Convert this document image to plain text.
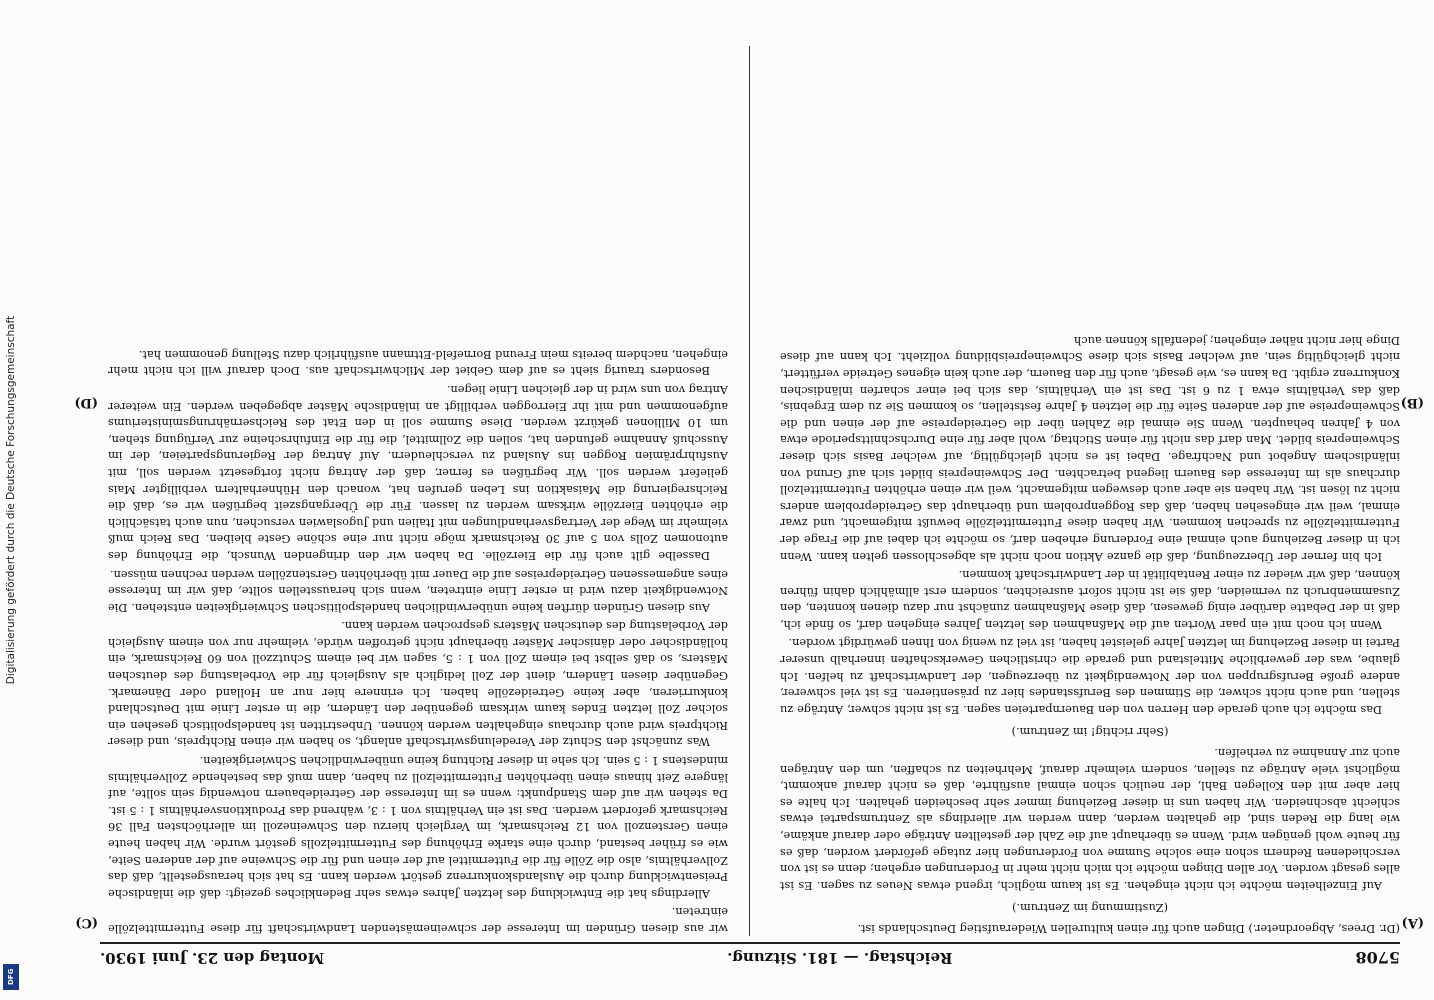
Digitalisierung gefördert durch die Deutsche Forschungsgemeinschaft
DFG
5708
Reichstag. — 181. Sitzung.
Montag den 23. Juni 1930.
(A)
(B)
(C)
(D)

(Dr. Drees, Abgeordneter.) Dingen auch für einen kulturellen Wiederaufstieg Deutschlands ist.

(Zustimmung im Zentrum.)

Auf Einzelheiten möchte ich nicht eingehen. Es ist kaum möglich, irgend etwas Neues zu sagen. Es ist alles gesagt worden. Vor allen Dingen möchte ich mich nicht mehr in Forderungen ergehen; denn es ist von verschiedenen Rednern schon eine solche Summe von Forderungen hier zutage gefördert worden, daß es für heute wohl genügen wird. Wenn es überhaupt auf die Zahl der gestellten Anträge oder darauf ankäme, wie lang die Reden sind, die gehalten werden, dann werden wir allerdings als Zentrumspartei etwas schlecht abschneiden. Wir haben uns in dieser Beziehung immer sehr bescheiden gehalten. Ich halte es hier aber mit den Kollegen Bahl, der neulich schon einmal ausführte, daß es nicht darauf ankommt, möglichst viele Anträge zu stellen, sondern vielmehr darauf, Mehrheiten zu schaffen, um den Anträgen auch zur Annahme zu verhelfen.

(Sehr richtig! im Zentrum.)

Das möchte ich auch gerade den Herren von den Bauernparteien sagen. Es ist nicht schwer, Anträge zu stellen, und auch nicht schwer, die Stimmen des Berufsstandes hier zu präsentieren. Es ist viel schwerer, andere große Berufsgruppen von der Notwendigkeit zu überzeugen, der Landwirtschaft zu helfen. Ich glaube, was der gewerbliche Mittelstand und gerade die christlichen Gewerkschaften innerhalb unserer Partei in dieser Beziehung im letzten Jahre geleistet haben, ist viel zu wenig von Ihnen gewürdigt worden.

Wenn ich noch mit ein paar Worten auf die Maßnahmen des letzten Jahres eingehen darf, so finde ich, daß in der Debatte darüber einig gewesen, daß diese Maßnahmen zunächst nur dazu dienen konnten, den Zusammenbruch zu vermeiden, daß sie ist nicht sofort ausreichten, sondern erst allmählich dahin führen können, daß wir wieder zu einer Rentabilität in der Landwirtschaft kommen.

Ich bin ferner der Überzeugung, daß die ganze Aktion noch nicht als abgeschlossen gelten kann. Wenn ich in dieser Beziehung auch einmal eine Forderung erheben darf, so möchte ich dabei auf die Frage der Futtermittelzölle zu sprechen kommen. Wir haben diese Futtermittelzölle bewußt mitgemacht, und zwar einmal, weil wir eingesehen haben, daß das Roggenproblem und überhaupt das Getreideproblem anders nicht zu lösen ist. Wir haben sie aber auch deswegen mitgemacht, weil wir einen erhöhten Futtermittelzoll durchaus als im Interesse des Bauern liegend betrachten. Der Schweinepreis bildet sich auf Grund von inländischem Angebot und Nachfrage. Dabei ist es nicht gleichgültig, auf welcher Basis sich dieser Schweinepreis bildet. Man darf das nicht für einen Stichtag, wohl aber für eine Durchschnittsperiode etwa von 4 Jahren behaupten. Wenn Sie einmal die Zahlen über die Getreidepreise auf der einen und die Schweinepreise auf der anderen Seite für die letzten 4 Jahre feststellen, so kommen Sie zu dem Ergebnis, daß das Verhältnis etwa 1 zu 6 ist. Das ist ein Verhältnis, das sich bei einer scharfen inländischen Konkurrenz ergibt. Da kann es, wie gesagt, auch für den Bauern, der auch kein eigenes Getreide verfüttert, nicht gleichgültig sein, auf welcher Basis sich diese Schweinepreisbildung vollzieht. Ich kann auf diese Dinge hier nicht näher eingehen; jedenfalls können auch

wir aus diesen Gründen im Interesse der schweinemästenden Landwirtschaft für diese Futtermittelzölle eintreten.

Allerdings hat die Entwicklung des letzten Jahres etwas sehr Bedenkliches gezeigt: daß die inländische Preisentwicklung durch die Auslandskonkurrenz gestört werden kann. Es hat sich herausgestellt, daß das Zollverhältnis, also die Zölle für die Futtermittel auf der einen und für die Schweine auf der anderen Seite, wie es früher bestand, durch eine starke Erhöhung des Futtermittelzolls gestört wurde. Wir haben heute einen Gerstenzoll von 12 Reichsmark, im Vergleich hierzu den Schweinezoll im allerhöchsten Fall 36 Reichsmark gefordert werden. Das ist ein Verhältnis von 1 : 3, während das Produktionsverhältnis 1 : 5 ist. Da stehen wir auf dem Standpunkt: wenn es im Interesse der Getreidebauern notwendig sein sollte, auf längere Zeit hinaus einen überhöhten Futtermittelzoll zu haben, dann muß das bestehende Zollverhältnis mindestens 1 : 5 sein. Ich sehe in dieser Richtung keine unüberwindlichen Schwierigkeiten.

Was zunächst den Schutz der Veredelungswirtschaft anlangt, so haben wir einen Richtpreis, und dieser Richtpreis wird auch durchaus eingehalten werden können. Unbestritten ist handelspolitisch gesehen ein solcher Zoll letzten Endes kaum wirksam gegenüber den Ländern, die in erster Linie mit Deutschland konkurrieren, aber keine Getreidezölle haben. Ich erinnere hier nur an Holland oder Dänemark. Gegenüber diesen Ländern, dient der Zoll lediglich als Ausgleich für die Vorbelastung des deutschen Mästers, so daß selbst bei einem Zoll von 1 : 5, sagen wir bei einem Schutzzoll von 60 Reichsmark, ein holländischer oder dänischer Mäster überhaupt nicht getroffen würde, vielmehr nur von einem Ausgleich der Vorbelastung des deutschen Mästers gesprochen werden kann.

Aus diesen Gründen dürften keine unüberwindlichen handelspolitischen Schwierigkeiten entstehen. Die Notwendigkeit dazu wird in erster Linie eintreten, wenn sich herausstellen sollte, daß wir im Interesse eines angemessenen Getreidepreises auf die Dauer mit überhöhten Gerstenzöllen werden rechnen müssen.

Dasselbe gilt auch für die Eierzölle. Da haben wir den dringenden Wunsch, die Erhöhung des autonomen Zolls von 5 auf 30 Reichsmark möge nicht nur eine schöne Geste bleiben. Das Reich muß vielmehr im Wege der Vertragsverhandlungen mit Italien und Jugoslawien versuchen, nun auch tatsächlich die erhöhten Eierzölle wirksam werden zu lassen. Für die Übergangszeit begrüßen wir es, daß die Reichsregierung die Maisaktion ins Leben gerufen hat, wonach den Hühnerhaltern verbilligter Mais geliefert werden soll. Wir begrüßen es ferner, daß der Antrag nicht fortgesetzt werden soll, mit Ausfuhrprämien Roggen ins Ausland zu verschleudern. Auf Antrag der Regierungsparteien, der im Ausschuß Annahme gefunden hat, sollen die Zollmittel, die für die Einfuhrscheine zur Verfügung stehen, um 10 Millionen gekürzt werden. Diese Summe soll in den Etat des Reichsernährungsministeriums aufgenommen und mit ihr Eierroggen verbilligt an inländische Mäster abgegeben werden. Ein weiterer Antrag von uns wird in der gleichen Linie liegen.

Besonders traurig sieht es auf dem Gebiet der Milchwirtschaft aus. Doch darauf will ich nicht mehr eingehen, nachdem bereits mein Freund Bornefeld-Ettmann ausführlich dazu Stellung genommen hat.
